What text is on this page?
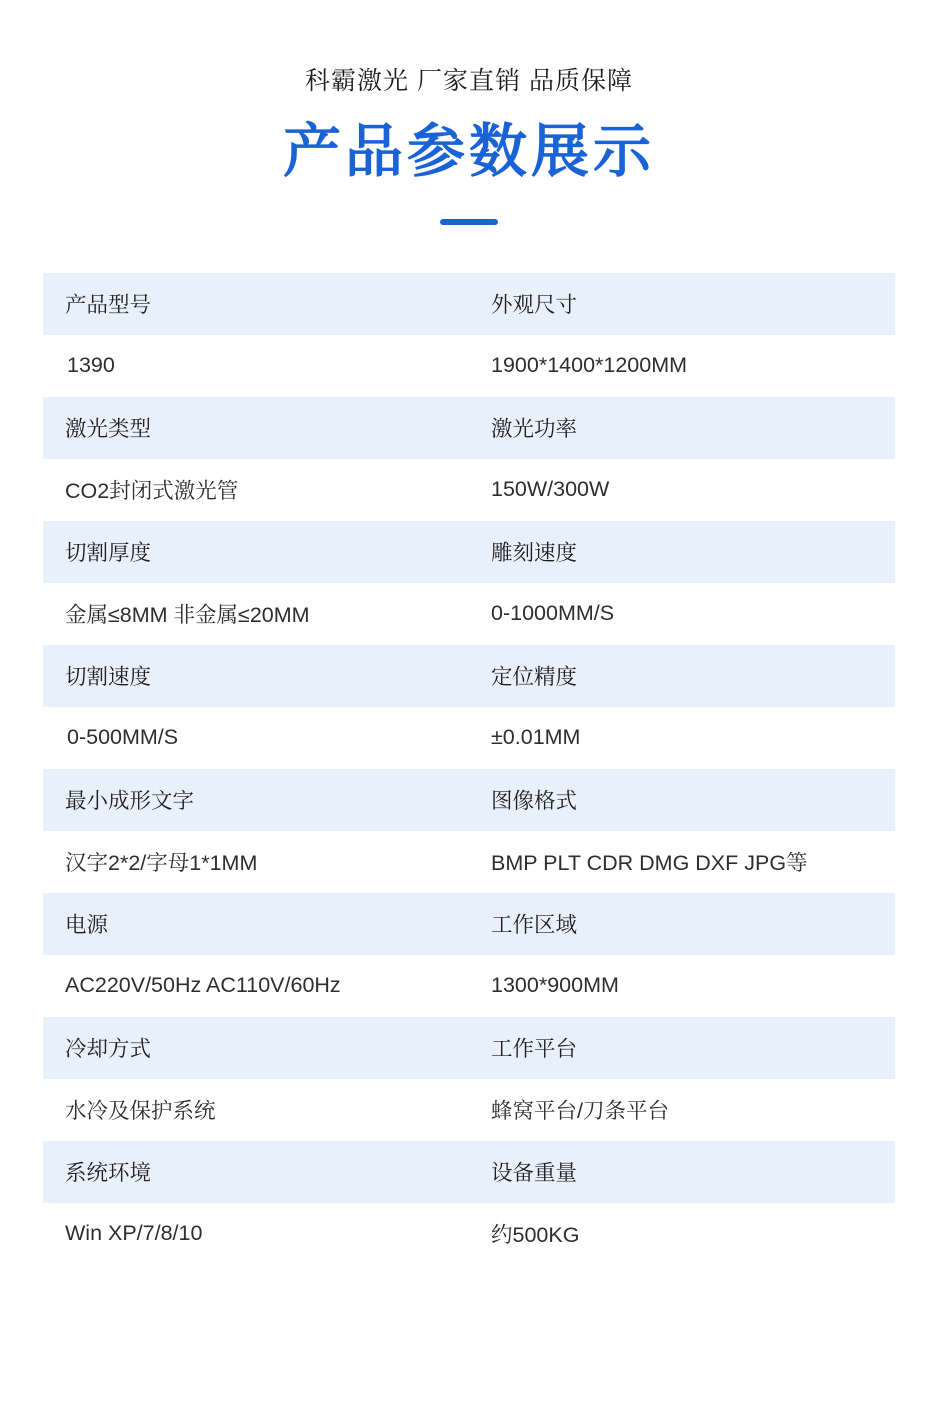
科霸激光 厂家直销 品质保障
产品参数展示
产品型号	外观尺寸
1390	1900*1400*1200MM
激光类型	激光功率
CO2封闭式激光管	150W/300W
切割厚度	雕刻速度
金属≤8MM 非金属≤20MM	0-1000MM/S
切割速度	定位精度
0-500MM/S	±0.01MM
最小成形文字	图像格式
汉字2*2/字母1*1MM	BMP PLT CDR DMG DXF JPG等
电源	工作区域
AC220V/50Hz AC110V/60Hz	1300*900MM
冷却方式	工作平台
水冷及保护系统	蜂窝平台/刀条平台
系统环境	设备重量
Win XP/7/8/10	约500KG
